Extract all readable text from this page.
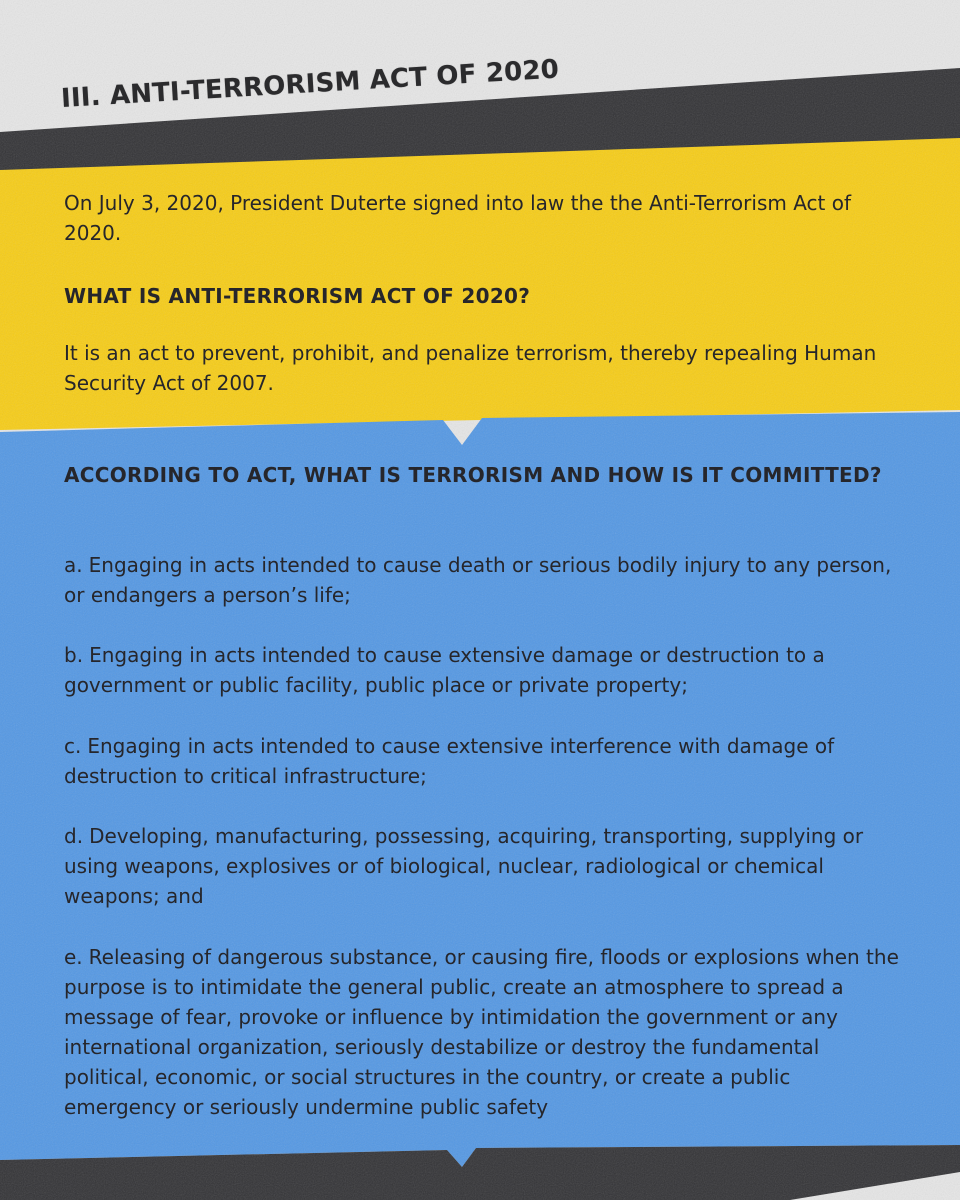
III. ANTI-TERRORISM ACT OF 2020

On July 3, 2020, President Duterte signed into law the the Anti-Terrorism Act of 2020.

WHAT IS ANTI-TERRORISM ACT OF 2020?

It is an act to prevent, prohibit, and penalize terrorism, thereby repealing Human Security Act of 2007.

ACCORDING TO ACT, WHAT IS TERRORISM AND HOW IS IT COMMITTED?

a. Engaging in acts intended to cause death or serious bodily injury to any person, or endangers a person’s life;

b. Engaging in acts intended to cause extensive damage or destruction to a government or public facility, public place or private property;

c. Engaging in acts intended to cause extensive interference with damage of destruction to critical infrastructure;

d. Developing, manufacturing, possessing, acquiring, transporting, supplying or using weapons, explosives or of biological, nuclear, radiological or chemical weapons; and

e. Releasing of dangerous substance, or causing fire, floods or explosions when the purpose is to intimidate the general public, create an atmosphere to spread a message of fear, provoke or influence by intimidation the government or any international organization, seriously destabilize or destroy the fundamental political, economic, or social structures in the country, or create a public emergency or seriously undermine public safety
